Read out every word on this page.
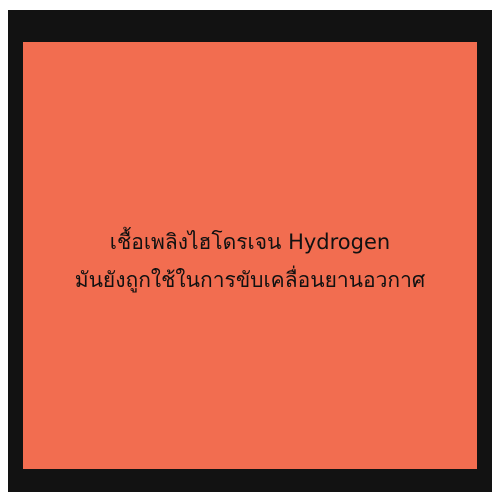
เชื้อเพลิงไฮโดรเจน Hydrogen
มันยังถูกใช้ในการขับเคลื่อนยานอวกาศ
